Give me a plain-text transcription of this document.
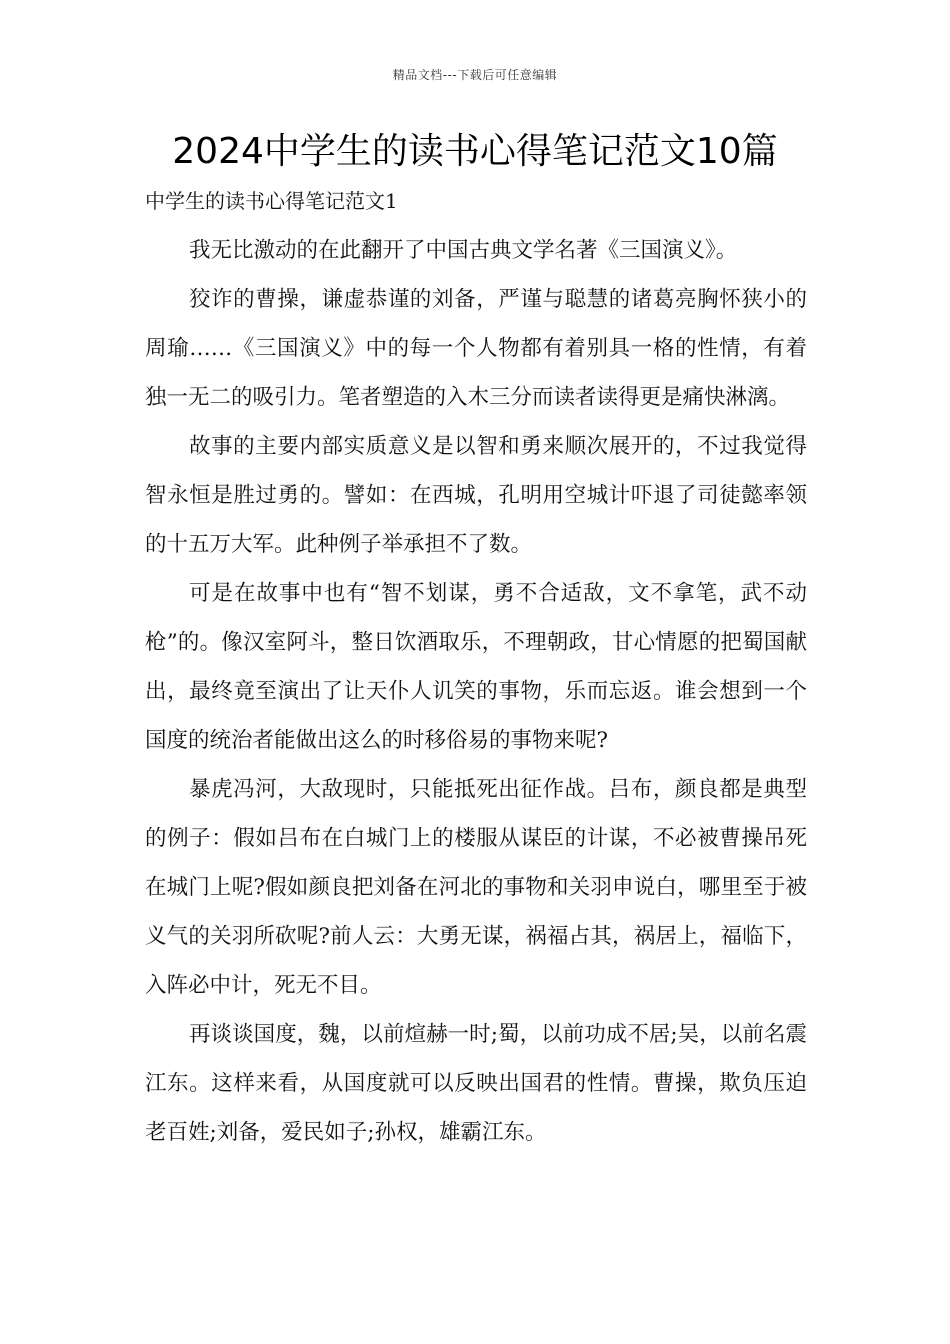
精品文档---下载后可任意编辑
2024中学生的读书心得笔记范文10篇
中学生的读书心得笔记范文1

我无比激动的在此翻开了中国古典文学名著《三国演义》。

狡诈的曹操，谦虚恭谨的刘备，严谨与聪慧的诸葛亮胸怀狭小的周瑜……《三国演义》中的每一个人物都有着别具一格的性情，有着独一无二的吸引力。笔者塑造的入木三分而读者读得更是痛快淋漓。

故事的主要内部实质意义是以智和勇来顺次展开的，不过我觉得智永恒是胜过勇的。譬如：在西城，孔明用空城计吓退了司徒懿率领的十五万大军。此种例子举承担不了数。

可是在故事中也有“智不划谋，勇不合适敌，文不拿笔，武不动枪”的。像汉室阿斗，整日饮酒取乐，不理朝政，甘心情愿的把蜀国献出，最终竟至演出了让天仆人讥笑的事物，乐而忘返。谁会想到一个国度的统治者能做出这么的时移俗易的事物来呢?

暴虎冯河，大敌现时，只能抵死出征作战。吕布，颜良都是典型的例子：假如吕布在白城门上的楼服从谋臣的计谋，不必被曹操吊死在城门上呢?假如颜良把刘备在河北的事物和关羽申说白，哪里至于被义气的关羽所砍呢?前人云：大勇无谋，祸福占其，祸居上，福临下，入阵必中计，死无不目。

再谈谈国度，魏，以前煊赫一时;蜀，以前功成不居;吴，以前名震江东。这样来看，从国度就可以反映出国君的性情。曹操，欺负压迫老百姓;刘备，爱民如子;孙权，雄霸江东。
